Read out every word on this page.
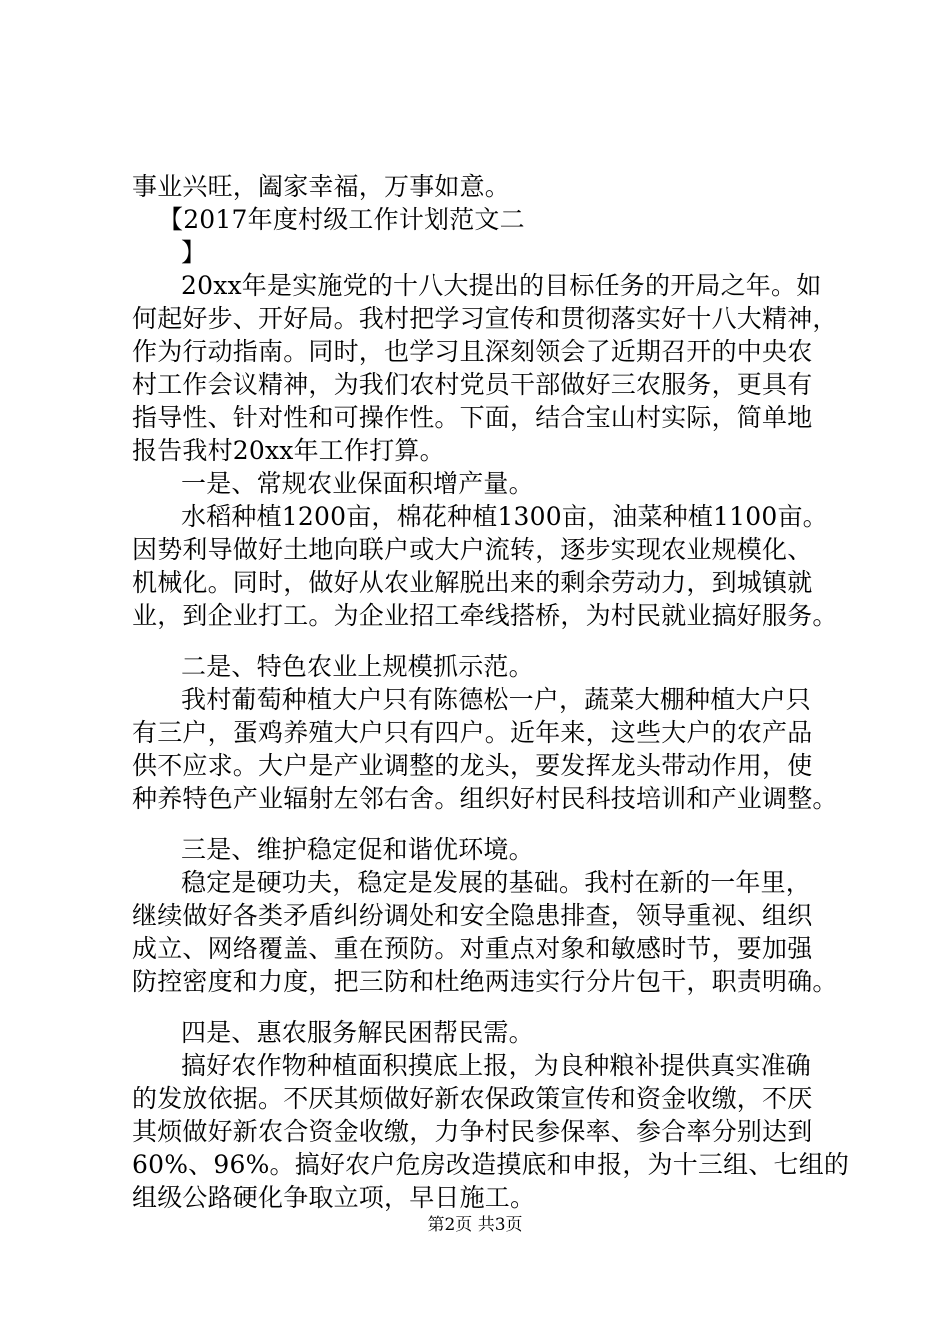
事业兴旺，阖家幸福，万事如意。
【2017年度村级工作计划范文二
】
20xx年是实施党的十八大提出的目标任务的开局之年。如
何起好步、开好局。我村把学习宣传和贯彻落实好十八大精神，
作为行动指南。同时，也学习且深刻领会了近期召开的中央农
村工作会议精神，为我们农村党员干部做好三农服务，更具有
指导性、针对性和可操作性。下面，结合宝山村实际，简单地
报告我村20xx年工作打算。
一是、常规农业保面积增产量。
水稻种植1200亩，棉花种植1300亩，油菜种植1100亩。
因势利导做好土地向联户或大户流转，逐步实现农业规模化、
机械化。同时，做好从农业解脱出来的剩余劳动力，到城镇就
业，到企业打工。为企业招工牵线搭桥，为村民就业搞好服务。
二是、特色农业上规模抓示范。
我村葡萄种植大户只有陈德松一户，蔬菜大棚种植大户只
有三户，蛋鸡养殖大户只有四户。近年来，这些大户的农产品
供不应求。大户是产业调整的龙头，要发挥龙头带动作用，使
种养特色产业辐射左邻右舍。组织好村民科技培训和产业调整。
三是、维护稳定促和谐优环境。
稳定是硬功夫，稳定是发展的基础。我村在新的一年里，
继续做好各类矛盾纠纷调处和安全隐患排查，领导重视、组织
成立、网络覆盖、重在预防。对重点对象和敏感时节，要加强
防控密度和力度，把三防和杜绝两违实行分片包干，职责明确。
四是、惠农服务解民困帮民需。
搞好农作物种植面积摸底上报，为良种粮补提供真实准确
的发放依据。不厌其烦做好新农保政策宣传和资金收缴，不厌
其烦做好新农合资金收缴，力争村民参保率、参合率分别达到
60%、96%。搞好农户危房改造摸底和申报，为十三组、七组的
组级公路硬化争取立项，早日施工。
第2页 共3页
